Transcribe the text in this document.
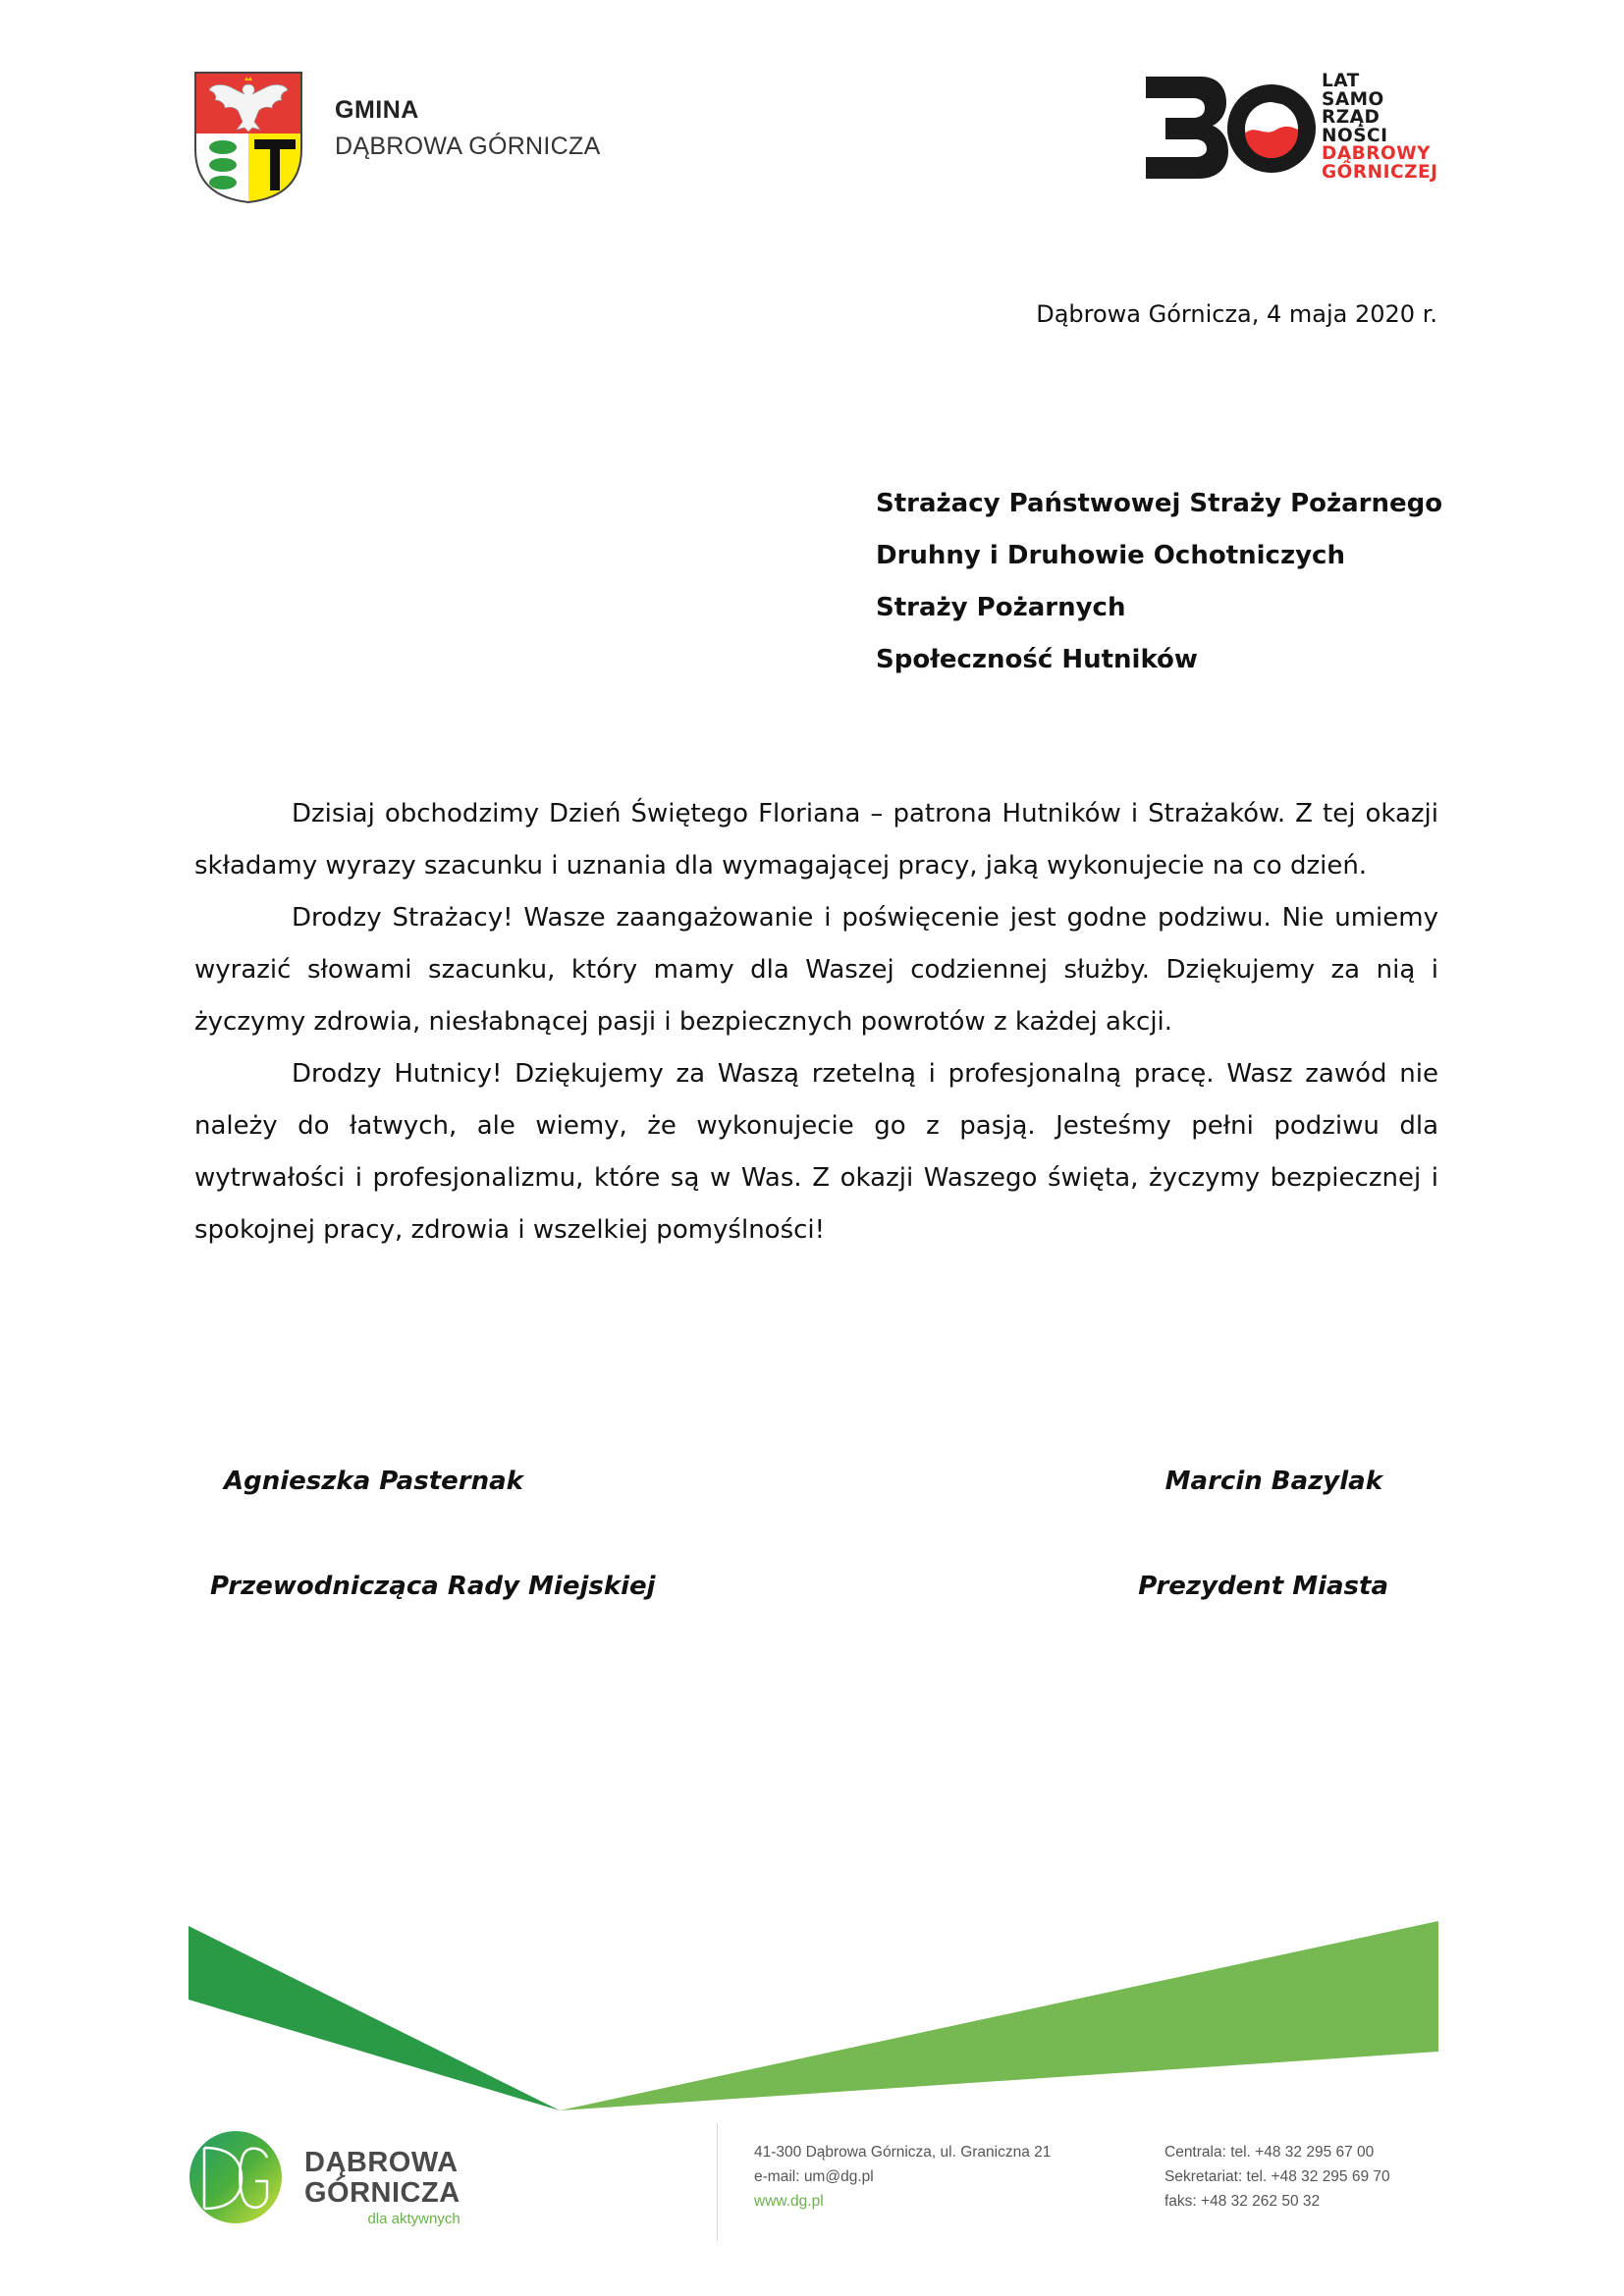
GMINA
DĄBROWA GÓRNICZA
LAT
SAMO
RZĄD
NOŚCI
DĄBROWY
GÓRNICZEJ
Dąbrowa Górnicza, 4 maja 2020 r.
Strażacy Państwowej Straży Pożarnego
Druhny i Druhowie Ochotniczych
Straży Pożarnych
Społeczność Hutników

Dzisiaj obchodzimy Dzień Świętego Floriana – patrona Hutników i Strażaków. Z tej okazji składamy wyrazy szacunku i uznania dla wymagającej pracy, jaką wykonujecie na co dzień.

Drodzy Strażacy! Wasze zaangażowanie i poświęcenie jest godne podziwu. Nie umiemy wyrazić słowami szacunku, który mamy dla Waszej codziennej służby. Dziękujemy za nią i życzymy zdrowia, niesłabnącej pasji i bezpiecznych powrotów z każdej akcji.

Drodzy Hutnicy! Dziękujemy za Waszą rzetelną i profesjonalną pracę. Wasz zawód nie należy do łatwych, ale wiemy, że wykonujecie go z pasją. Jesteśmy pełni podziwu dla wytrwałości i profesjonalizmu, które są w Was. Z okazji Waszego święta, życzymy bezpiecznej i spokojnej pracy, zdrowia i wszelkiej pomyślności!

Agnieszka Pasternak
Przewodnicząca Rady Miejskiej
Marcin Bazylak
Prezydent Miasta
DĄBROWA
GÓRNICZA
dla aktywnych
41-300 Dąbrowa Górnicza, ul. Graniczna 21
e-mail: um@dg.pl
www.dg.pl
Centrala: tel. +48 32 295 67 00
Sekretariat: tel. +48 32 295 69 70
faks: +48 32 262 50 32
